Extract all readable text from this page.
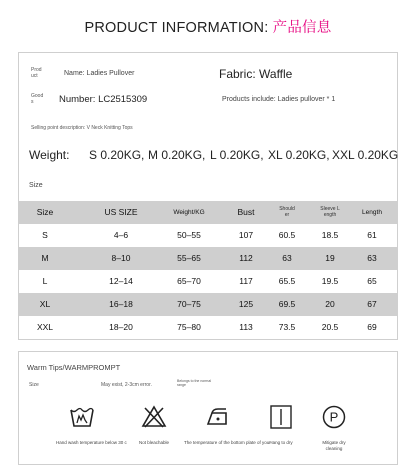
PRODUCT INFORMATION: 产品信息
Prod
uct	Name: Ladies Pullover	Fabric: Waffle
Good
s	Number: LC2515309	Products include: Ladies pullover * 1
Selling point description: V Neck Knitting Tops
Weight: S 0.20KG, M 0.20KG, L 0.20KG, XL 0.20KG, XXL 0.20KG
Size
Size	US SIZE	Weight/KG	Bust	Should
er
Sleeve L
ength	Length
S	4–6	50–55	107	60.5	18.5	61
M	8–10	55–65	112	63	19	63
L	12–14	65–70	117	65.5	19.5	65
XL	16–18	70–75	125	69.5	20	67
XXL	18–20	75–80	113	73.5	20.5	69
Warm Tips/WARMPROMPT
Size	May exist, 2-3cm error.
Belongs to the normal
range
P
Hand wash temperature below 30 c	Not bleachable	The temperature of the bottom plate of your
Hang to dry	Mitigate dry
cleaning
